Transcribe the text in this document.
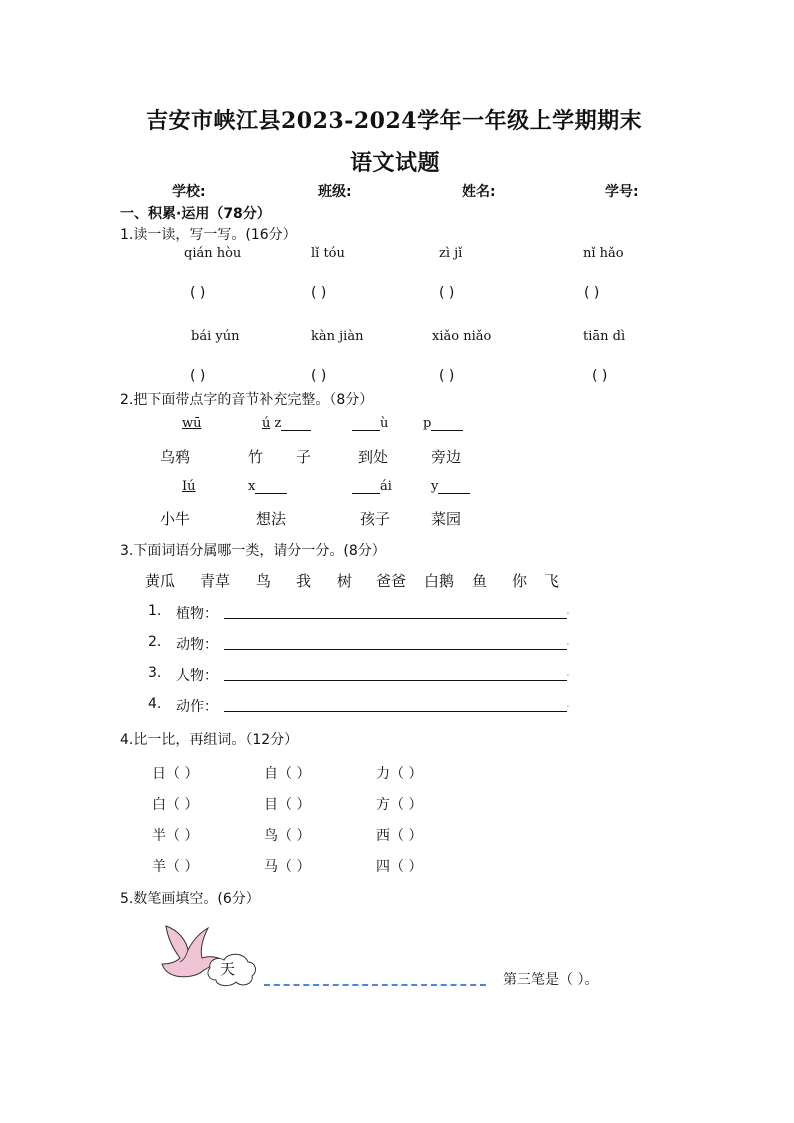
吉安市峡江县2023-2024学年一年级上学期期末
语文试题
学校:	班级:	姓名:	学号:
一、积累·运用（78分）
1.读一读，写一写。(16分）
qián hòu	lǐ tóu	zì jǐ	nǐ hǎo
( )	( )	( )	( )
bái yún	kàn jiàn	xiǎo niǎo	tiān dì
( )	( )	( )	( )
2.把下面带点字的音节补充完整。（8分）
wū	ú z	ù	p
乌鸦	竹 子	到处	旁边
Iú	x	ái	y
小牛	想法	孩子	菜园
3.下面词语分属哪一类，请分一分。(8分）
黄瓜 青草 鸟 我 树 爸爸 白鹅 鱼 你 飞
1. 植物：	.
2. 动物：	.
3. 人物：	.
4. 动作：	.
4.比一比，再组词。（12分）
日（ ）	自（ ）	力（ ）
白（ ）	目（ ）	方（ ）
半（ ）	鸟（ ）	西（ ）
羊（ ）	马（ ）	四（ ）
5.数笔画填空。(6分）
天
第三笔是（ ）。
